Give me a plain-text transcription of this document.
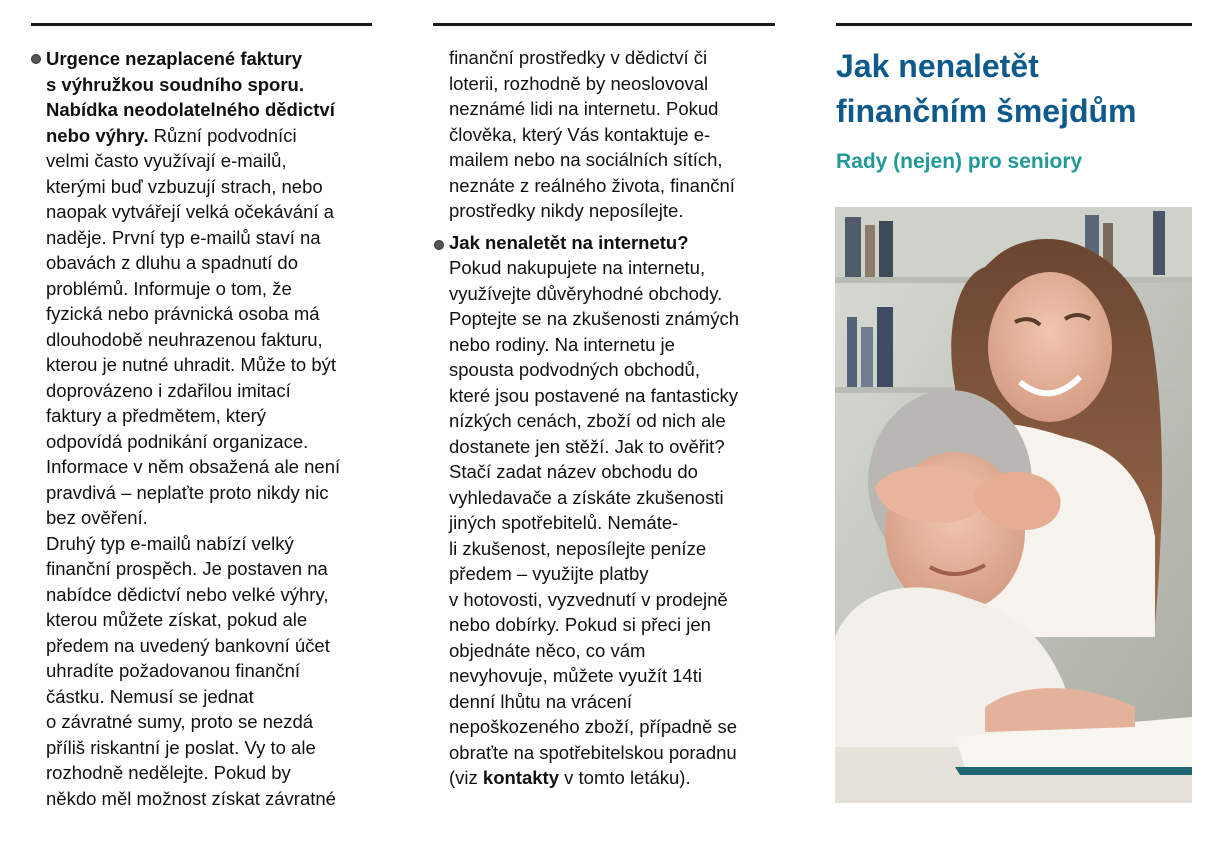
Urgence nezaplacené faktury

s výhružkou soudního sporu.

Nabídka neodolatelného dědictví

nebo výhry. Různí podvodníci

velmi často využívají e-mailů,

kterými buď vzbuzují strach, nebo

naopak vytvářejí velká očekávání a

naděje. První typ e-mailů staví na

obavách z dluhu a spadnutí do

problémů. Informuje o tom, že

fyzická nebo právnická osoba má

dlouhodobě neuhrazenou fakturu,

kterou je nutné uhradit. Může to být

doprovázeno i zdařilou imitací

faktury a předmětem, který

odpovídá podnikání organizace.

Informace v něm obsažená ale není

pravdivá – neplaťte proto nikdy nic

bez ověření.

Druhý typ e-mailů nabízí velký

finanční prospěch. Je postaven na

nabídce dědictví nebo velké výhry,

kterou můžete získat, pokud ale

předem na uvedený bankovní účet

uhradíte požadovanou finanční

částku. Nemusí se jednat

o závratné sumy, proto se nezdá

příliš riskantní je poslat. Vy to ale

rozhodně nedělejte. Pokud by

někdo měl možnost získat závratné

finanční prostředky v dědictví či

loterii, rozhodně by neoslovoval

neznámé lidi na internetu. Pokud

člověka, který Vás kontaktuje e-

mailem nebo na sociálních sítích,

neznáte z reálného života, finanční

prostředky nikdy neposílejte.

Jak nenaletět na internetu?

Pokud nakupujete na internetu,

využívejte důvěryhodné obchody.

Poptejte se na zkušenosti známých

nebo rodiny. Na internetu je

spousta podvodných obchodů,

které jsou postavené na fantasticky

nízkých cenách, zboží od nich ale

dostanete jen stěží. Jak to ověřit?

Stačí zadat název obchodu do

vyhledavače a získáte zkušenosti

jiných spotřebitelů. Nemáte-

li zkušenost, neposílejte peníze

předem – využijte platby

v hotovosti, vyzvednutí v prodejně

nebo dobírky. Pokud si přeci jen

objednáte něco, co vám

nevyhovuje, můžete využít 14ti

denní lhůtu na vrácení

nepoškozeného zboží, případně se

obraťte na spotřebitelskou poradnu

(viz kontakty v tomto letáku).

Jak nenaletět
finančním šmejdům
Rady (nejen) pro seniory
